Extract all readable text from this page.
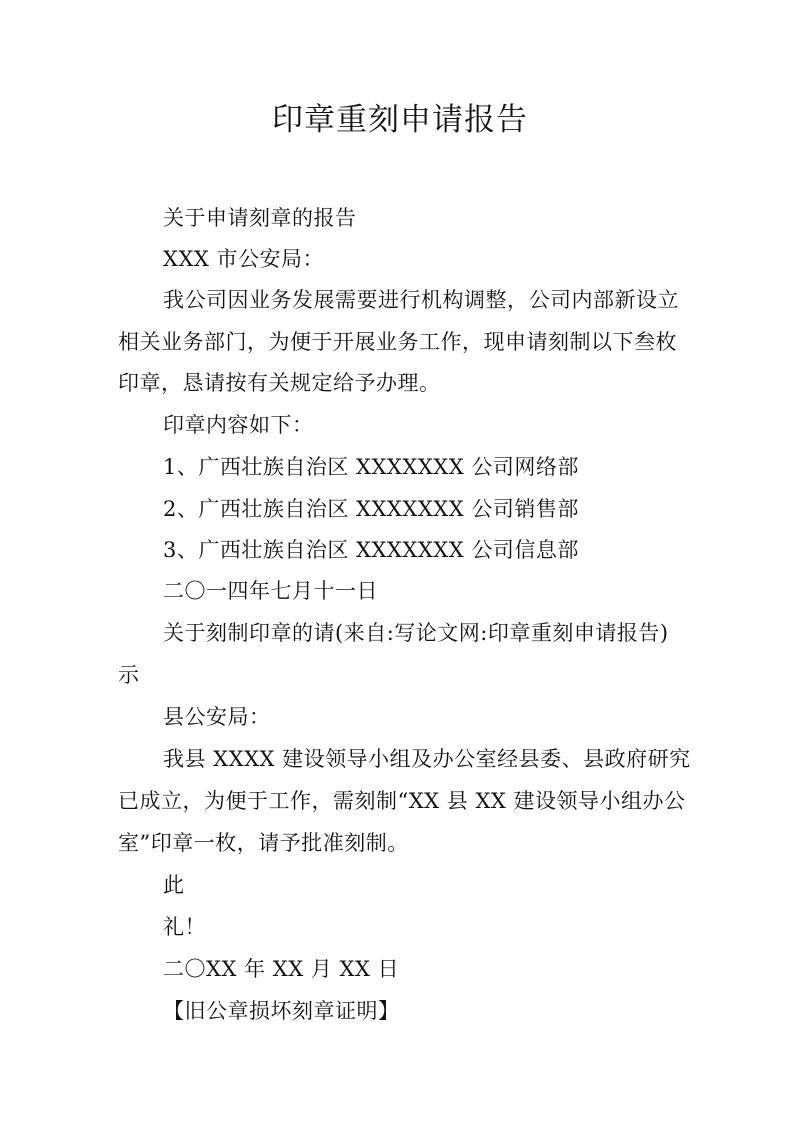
印章重刻申请报告
关于申请刻章的报告
XXX 市公安局：
我公司因业务发展需要进行机构调整，公司内部新设立
相关业务部门，为便于开展业务工作，现申请刻制以下叁枚
印章，恳请按有关规定给予办理。
印章内容如下：
1、广西壮族自治区 XXXXXXX 公司网络部
2、广西壮族自治区 XXXXXXX 公司销售部
3、广西壮族自治区 XXXXXXX 公司信息部
二〇一四年七月十一日
关于刻制印章的请(来自:写论文网:印章重刻申请报告)
示
县公安局：
我县 XXXX 建设领导小组及办公室经县委、县政府研究
已成立，为便于工作，需刻制“XX 县 XX 建设领导小组办公
室”印章一枚，请予批准刻制。
此
礼！
二〇XX 年 XX 月 XX 日
【旧公章损坏刻章证明】
